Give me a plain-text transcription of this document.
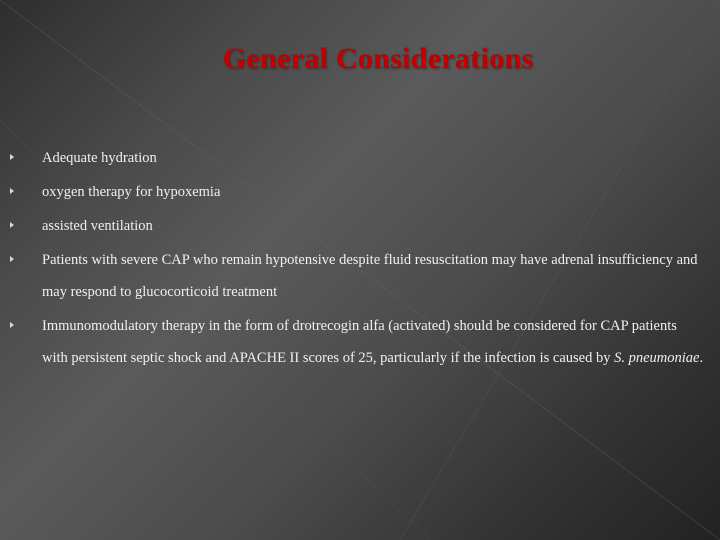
General Considerations
Adequate hydration
oxygen therapy for hypoxemia
assisted ventilation
Patients with severe CAP who remain hypotensive despite fluid resuscitation may have adrenal insufficiency and may respond to glucocorticoid treatment
Immunomodulatory therapy in the form of drotrecogin alfa (activated) should be considered for CAP patients with persistent septic shock and APACHE II scores of 25, particularly if the infection is caused by S. pneumoniae.
